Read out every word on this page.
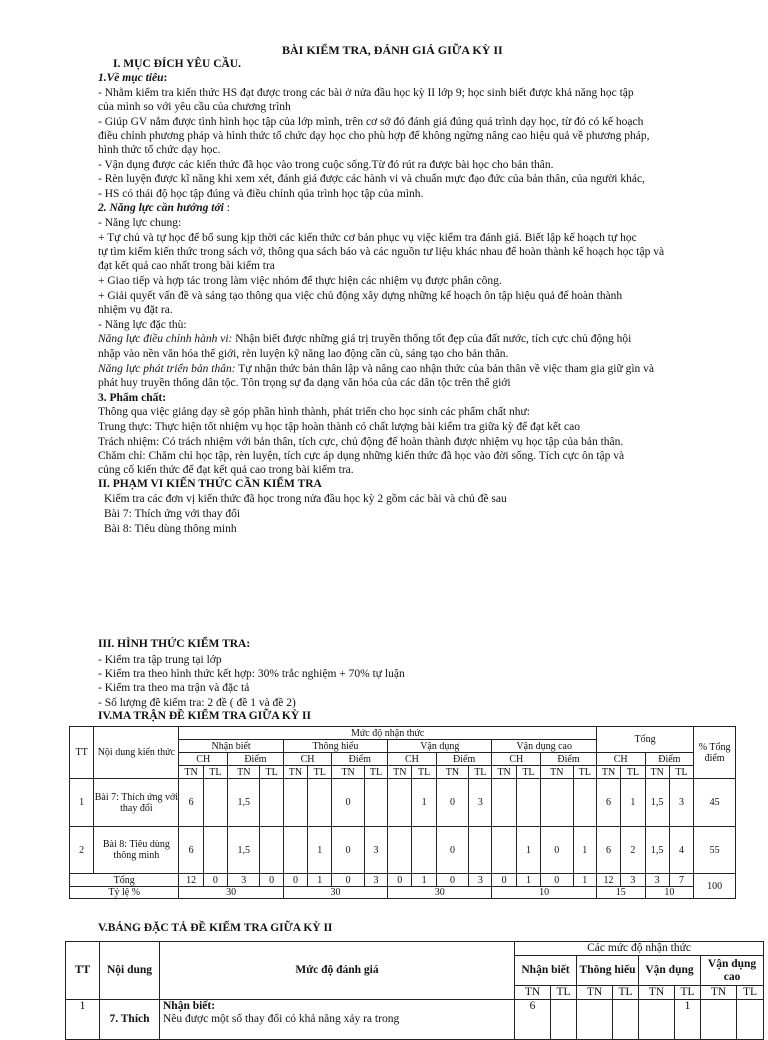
BÀI KIỂM TRA, ĐÁNH GIÁ GIỮA KỲ II
I. MỤC ĐÍCH YÊU CẦU.
1.Về mục tiêu:
- Nhằm kiểm tra kiến thức HS đạt được trong các bài ở nửa đầu học kỳ II lớp 9; học sinh biết được khả năng học tập
của mình so với yêu cầu của chương trình
- Giúp GV nắm được tình hình học tập của lớp mình, trên cơ sở đó đánh giá đúng quá trình dạy học, từ đó có kế hoạch
điều chỉnh phương pháp và hình thức tổ chức dạy học cho phù hợp để không ngừng nâng cao hiệu quả về phương pháp,
hình thức tổ chức dạy học.
- Vận dụng được các kiến thức đã học vào trong cuộc sống.Từ đó rút ra được bài học cho bản thân.
- Rèn luyện được kĩ năng khi xem xét, đánh giá được các hành vi và chuẩn mực đạo đức của bản thân, của người khác,
- HS có thái độ học tập đúng và điều chỉnh qúa trình học tập của mình.
2. Năng lực cần hướng tới :
- Năng lực chung:
+ Tự chủ và tự học để bổ sung kịp thời các kiến thức cơ bản phục vụ việc kiểm tra đánh giá. Biết lập kế hoạch tự học
tự tìm kiếm kiến thức trong sách vở, thông qua sách báo và các nguồn tư liệu khác nhau để hoàn thành kế hoạch học tập và
đạt kết quả cao nhất trong bài kiểm tra
+ Giao tiếp và hợp tác trong làm việc nhóm để thực hiện các nhiệm vụ được phân công.
+ Giải quyết vấn đề và sáng tạo thông qua việc chủ động xây dựng những kế hoạch ôn tập hiệu quả để hoàn thành
nhiệm vụ đặt ra.
- Năng lực đặc thù:
Năng lực điều chỉnh hành vi: Nhận biết được những giá trị truyền thống tốt đẹp của đất nước, tích cực chủ động hội
nhập vào nền văn hóa thế giới, rèn luyện kỹ năng lao động cần cù, sáng tạo cho bản thân.
Năng lực phát triển bản thân: Tự nhận thức bản thân lập và nâng cao nhận thức của bản thân về việc tham gia giữ gìn và
phát huy truyền thống dân tộc. Tôn trọng sự đa dạng văn hóa của các dân tộc trên thế giới
3. Phẩm chất:
Thông qua việc giảng dạy sẽ góp phần hình thành, phát triển cho học sinh các phẩm chất như:
Trung thực: Thực hiện tốt nhiệm vụ học tập hoàn thành có chất lượng bài kiểm tra giữa kỳ để đạt kết cao
Trách nhiệm: Có trách nhiệm với bản thân, tích cực, chủ động để hoàn thành được nhiệm vụ học tập của bản thân.
Chăm chỉ: Chăm chỉ học tập, rèn luyện, tích cực áp dụng những kiến thức đã học vào đời sống. Tích cực ôn tập và
củng cố kiến thức để đạt kết quả cao trong bài kiểm tra.
II. PHẠM VI KIẾN THỨC CẦN KIỂM TRA
Kiểm tra các đơn vị kiến thức đã học trong nửa đầu học kỳ 2 gồm các bài và chủ đề sau
Bài 7: Thích ứng với thay đổi
Bài 8: Tiêu dùng thông minh
III. HÌNH THỨC KIỂM TRA:
- Kiểm tra tập trung tại lớp
- Kiểm tra theo hình thức kết hợp: 30% trắc nghiệm + 70% tự luận
- Kiểm tra theo ma trận và đặc tả
- Số lượng đề kiểm tra: 2 đề ( đề 1 và đề 2)
IV.MA TRẬN ĐỀ KIỂM TRA GIỮA KỲ II
TT	Nội dung kiến thức	Mức độ nhận thức																Tổng				% Tổng điểm
		Nhận biết				Thông hiểu				Vận dụng				Vận dụng cao								
		CH		Điểm		CH		Điểm		CH		Điểm		CH		Điểm		CH		Điểm		
		TN	TL	TN	TL	TN	TL	TN	TL	TN	TL	TN	TL	TN	TL	TN	TL	TN	TL	TN	TL	
1	Bài 7: Thích ứng với thay đổi	6		1,5				0			1	0	3					6	1	1,5	3	45
2	Bài 8: Tiêu dùng thông minh	6		1,5			1	0	3			0			1	0	1	6	2	1,5	4	55
Tổng		12	0	3	0	0	1	0	3	0	1	0	3	0	1	0	1	12	3	3	7	100
Tỷ lệ %		30				30				30				10				15		10		
V.BẢNG ĐẶC TẢ ĐỀ KIỂM TRA GIỮA KỲ II
TT	Nội dung	Mức độ đánh giá	Các mức độ nhận thức							
			Nhận biết		Thông hiểu		Vận dụng		Vận dụng cao	
			TN	TL	TN	TL	TN	TL	TN	TL
1	7. Thích	Nhận biết:
Nêu được một số thay đổi có khả năng xảy ra trong	6					1		
